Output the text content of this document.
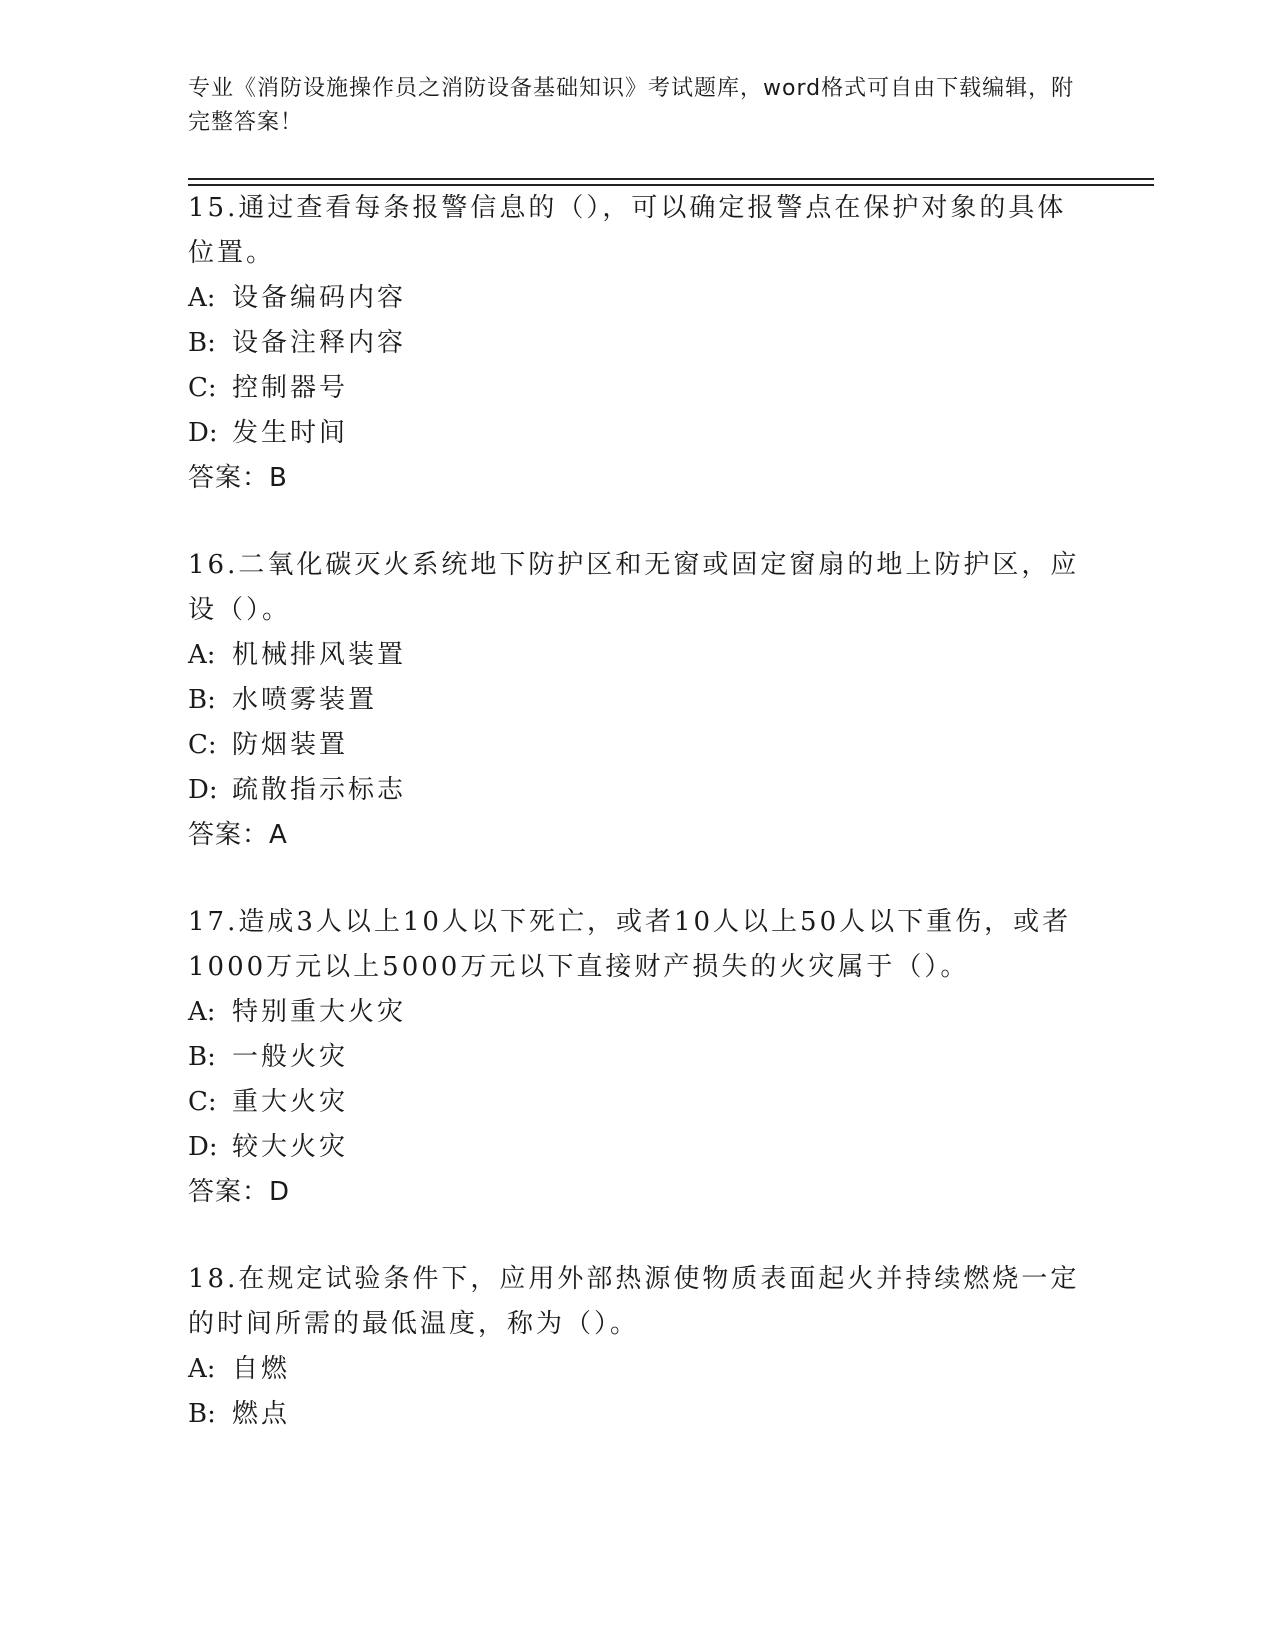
专业《消防设施操作员之消防设备基础知识》考试题库，word格式可自由下载编辑，附完整答案！
15.通过查看每条报警信息的（），可以确定报警点在保护对象的具体位置。
A: 设备编码内容
B: 设备注释内容
C: 控制器号
D: 发生时间
答案：B
16.二氧化碳灭火系统地下防护区和无窗或固定窗扇的地上防护区，应设（）。
A: 机械排风装置
B: 水喷雾装置
C: 防烟装置
D: 疏散指示标志
答案：A
17.造成3人以上10人以下死亡，或者10人以上50人以下重伤，或者1000万元以上5000万元以下直接财产损失的火灾属于（）。
A: 特别重大火灾
B: 一般火灾
C: 重大火灾
D: 较大火灾
答案：D
18.在规定试验条件下，应用外部热源使物质表面起火并持续燃烧一定的时间所需的最低温度，称为（）。
A: 自燃
B: 燃点
